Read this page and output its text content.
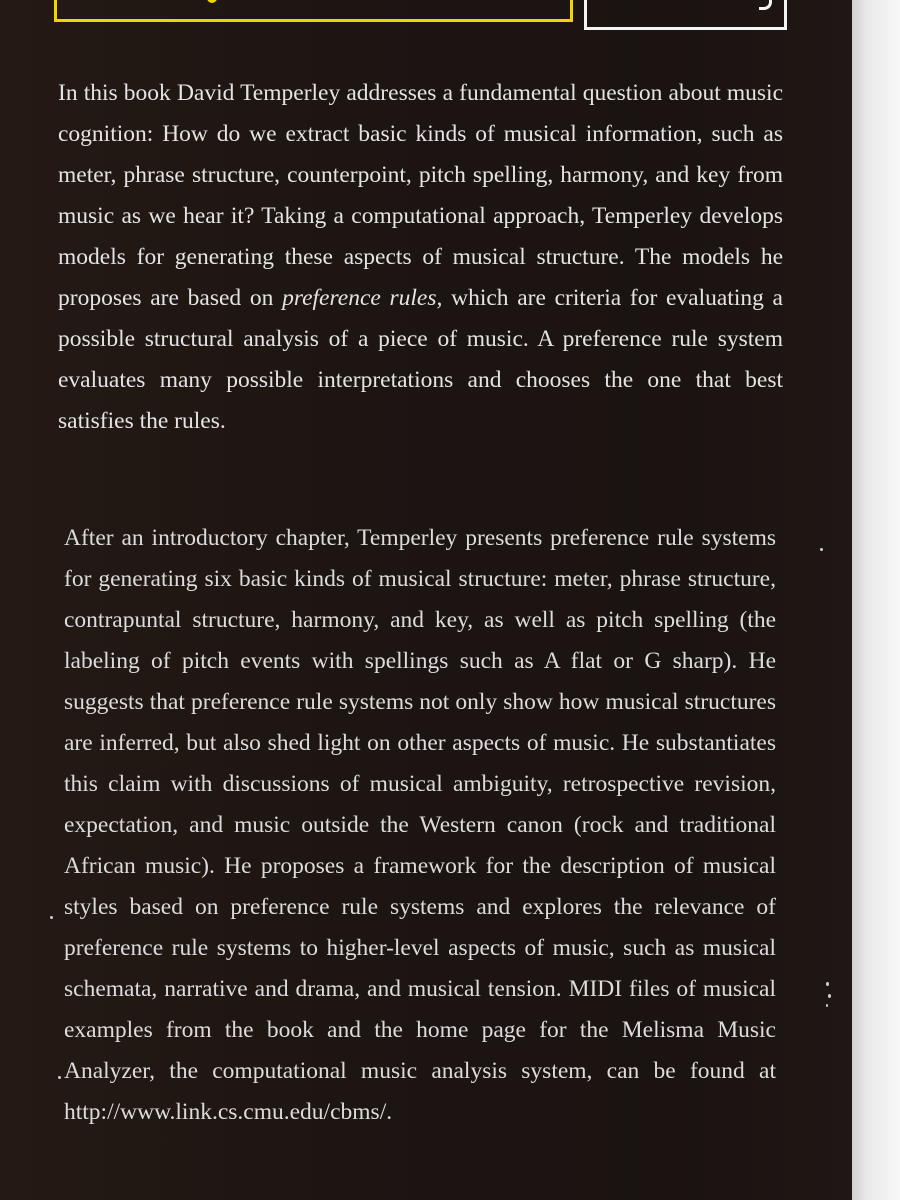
In this book David Temperley addresses a fundamental question about music cognition: How do we extract basic kinds of musical information, such as meter, phrase structure, counterpoint, pitch spelling, harmony, and key from music as we hear it? Taking a computational approach, Temperley develops models for generating these aspects of musical structure. The models he proposes are based on preference rules, which are criteria for evaluating a possible structural analysis of a piece of music. A preference rule system evaluates many possible interpretations and chooses the one that best satisfies the rules.

After an introductory chapter, Temperley presents preference rule systems for generating six basic kinds of musical structure: meter, phrase structure, contrapuntal structure, harmony, and key, as well as pitch spelling (the labeling of pitch events with spellings such as A flat or G sharp). He suggests that preference rule systems not only show how musical structures are inferred, but also shed light on other aspects of music. He substantiates this claim with discussions of musical ambiguity, retrospective revision, expectation, and music outside the Western canon (rock and traditional African music). He proposes a framework for the description of musical styles based on preference rule systems and explores the relevance of preference rule systems to higher-level aspects of music, such as musical schemata, narrative and drama, and musical tension. MIDI files of musical examples from the book and the home page for the Melisma Music Analyzer, the computational music analysis system, can be found at http://www.link.cs.cmu.edu/cbms/.
